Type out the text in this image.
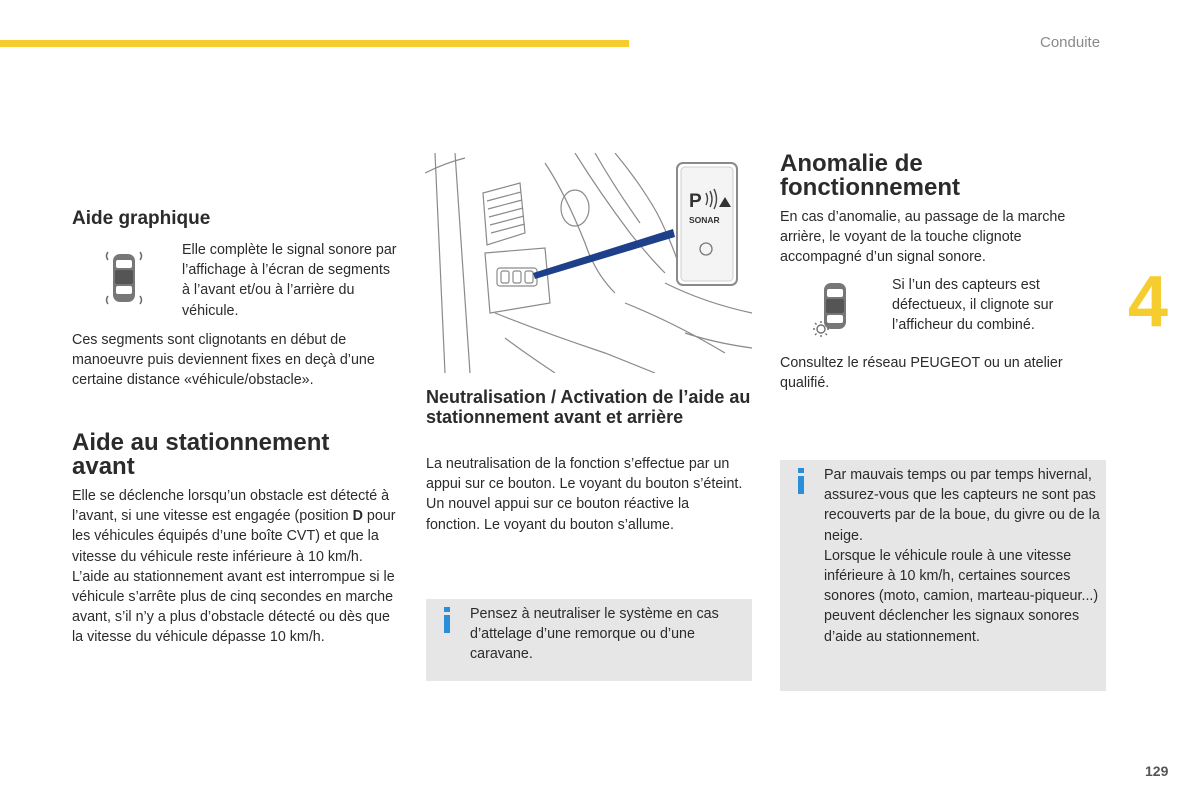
Conduite
4
129
Aide graphique

Elle complète le signal sonore par l’affichage à l’écran de segments à l’avant et/ou à l’arrière du véhicule.

Ces segments sont clignotants en début de manoeuvre puis deviennent fixes en deçà d’une certaine distance «véhicule/obstacle».

Aide au stationnement avant

Elle se déclenche lorsqu’un obstacle est détecté à l’avant, si une vitesse est engagée (position D pour les véhicules équipés d’une boîte CVT) et que la vitesse du véhicule reste inférieure à 10 km/h.

L’aide au stationnement avant est interrompue si le véhicule s’arrête plus de cinq secondes en marche avant, s’il n’y a plus d’obstacle détecté ou dès que la vitesse du véhicule dépasse 10 km/h.

P
SONAR
Neutralisation / Activation de l’aide au stationnement avant et arrière

La neutralisation de la fonction s’effectue par un appui sur ce bouton. Le voyant du bouton s’éteint.

Un nouvel appui sur ce bouton réactive la fonction. Le voyant du bouton s’allume.

Pensez à neutraliser le système en cas d’attelage d’une remorque ou d’une caravane.

Anomalie de fonctionnement

En cas d’anomalie, au passage de la marche arrière, le voyant de la touche clignote accompagné d’un signal sonore.

Si l’un des capteurs est défectueux, il clignote sur l’afficheur du combiné.

Consultez le réseau PEUGEOT ou un atelier qualifié.

Par mauvais temps ou par temps hivernal, assurez-vous que les capteurs ne sont pas recouverts par de la boue, du givre ou de la neige.

Lorsque le véhicule roule à une vitesse inférieure à 10 km/h, certaines sources sonores (moto, camion, marteau-piqueur...) peuvent déclencher les signaux sonores d’aide au stationnement.
